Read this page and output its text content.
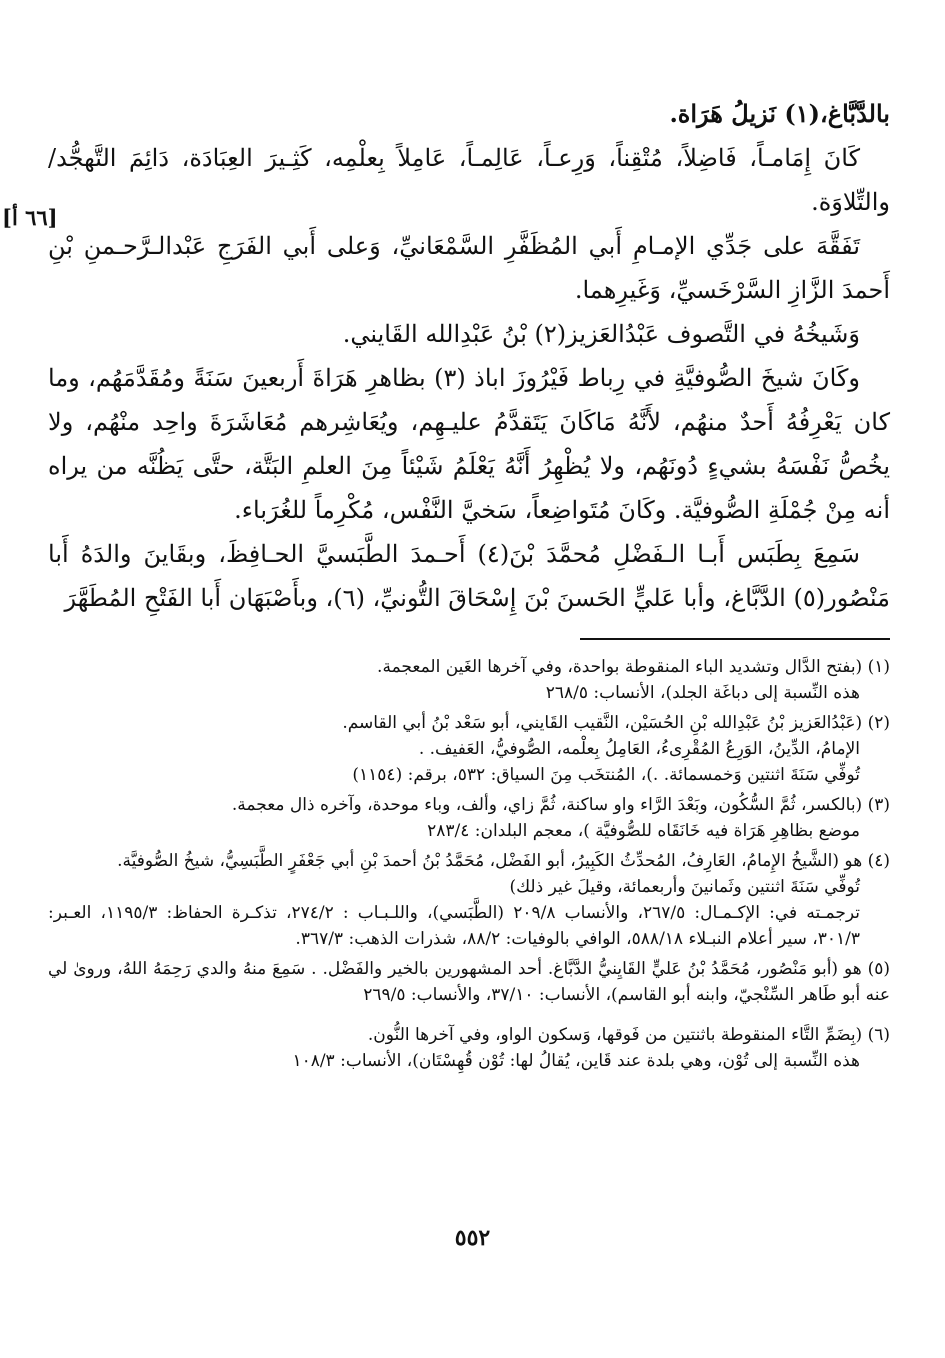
[٦٦ أ]

بالدَّبَّاغ،(١) نَزيلُ هَرَاة.

كَانَ إِمَامـاً، فَاضِلاً، مُتْقِناً، وَرِعـاً، عَالِمـاً، عَامِلاً بِعلْمِه، كَثِـيرَ العِبَادَة، دَائِمَ التَّهجُّد/ والتِّلاوَة.

تَفَقَّهَ على جَدِّي الإمـامِ أَبي المُظَفَّرِ السَّمْعَانيِّ، وَعلى أَبي الفَرَجِ عَبْدالـرَّحـمنِ بْنِ أَحمدَ الزَّازِ السَّرْخَسيِّ، وَغَيرِهما.

وَشَيخُهُ في التَّصوف عَبْدُالعَزيز(٢) بْنُ عَبْدِالله القَايني.

وكَانَ شيخَ الصُّوفيَّةِ في رِباط فَيْرُوزَ اباذ (٣) بظاهرِ هَرَاةَ أَربعينَ سَنَةً ومُقَدَّمَهُم، وما كان يَعْرِفُهُ أَحدٌ منهُم، لأَنَّهُ مَاكَانَ يَتَقدَّمُ عليـهِم، ويُعَاشِرهم مُعَاشَرَةَ واحِد منْهُم، ولا يخُصُّ نَفْسَهُ بشيءٍ دُونَهُم، ولا يُظْهِرُ أَنَّهُ يَعْلَمُ شَيْئاً مِنَ العلمِ البَتَّة، حتَّى يَظُنَّه من يراه أنه مِنْ جُمْلَةِ الصُّوفيَّة. وكَانَ مُتَواضِعاً، سَخيَّ النَّفْس، مُكْرِماً للغُرَباء.

سَمِعَ بِطَبَس أَبـا الـفَضْلِ مُحمَّدَ بْنَ(٤) أَحـمدَ الطَّبَسيَّ الحـافِظَ، وبقَاينَ والدَهُ أَبا مَنْصُور(٥) الدَّبَّاغ، وأبا عَليٍّ الحَسنَ بْنَ إِسْحَاقَ التُّونيِّ، (٦)، وبأَصْبَهَان أَبا الفَتْحِ المُطَهَّرَ

(١) (بفتح الدَّال وتشديد الباء المنقوطة بواحدة، وفي آخرها الغَين المعجمة.

هذه النِّسبة إلى دباغَة الجلد)، الأنساب: ٢٦٨/٥

(٢) (عَبْدُالعَزيز بْنُ عَبْدِالله بْنِ الحُسَيْن، النَّقيب القَايني، أبو سَعْد بْنُ أبي القاسم.

الإمامُ، الدِّينُ، الوَرِعُ المُقْرِىءُ، العَامِلُ بِعلْمه، الصُّوفيُّ، العَفيف. .

تُوفِّي سَنَةَ اثنتين وَخمسمائة. .)، المُنتخَب مِنَ السياق: ٥٣٢، برقم: (١١٥٤)

(٣) (بالكسر، ثُمَّ السُّكُون، وبَعْدَ الرَّاء واو ساكنة، ثُمَّ زاي، وألف، وباء موحدة، وآخره ذال معجمة.

موضع بظاهِرِ هَرَاة فيه خَانَقَاه للصُّوفيَّة )، معجم البلدان: ٢٨٣/٤

(٤) هو (الشَّيخُ الإِمامُ، العَارِفُ، المُحدِّثُ الكَبِيرُ، أبو الفَضْل، مُحَمَّدُ بْنُ أحمدَ بْنِ أبي جَعْفَرٍ الطَّبَسِيُّ، شيخُ الصُّوفيَّة.

تُوفِّي سَنَةَ اثنتين وثَمانينَ وأربعمائة، وقيلَ غير ذلك)

ترجمـته في: الإكـمـال: ٢٦٧/٥، والأنساب ٢٠٩/٨ (الطَّبَسي)، واللـبـاب : ٢٧٤/٢، تذكـرة الحفاظ: ١١٩٥/٣، العـبر: ٣٠١/٣، سير أعلام النبـلاء ٥٨٨/١٨، الوافي بالوفيات: ٨٨/٢، شذرات الذهب: ٣٦٧/٣.

(٥) هو (أبو مَنْصُور، مُحَمَّدُ بْنُ عَليٍّ القَايِنيُّ الدَّبَّاغ. أحد المشهورين بالخير والفَضْل. . سَمِعَ منهُ والدي رَحِمَهُ اللهُ، وروىٰ لي عنه أبو طَاهر السِّنْجيّ، وابنه أبو القاسم)، الأنساب: ٣٧/١٠، والأنساب: ٢٦٩/٥

(٦) (بِضَمِّ التَّاء المنقوطة باثنتين من فَوقها، وَسكون الواو، وفي آخرها النُّون.

هذه النِّسبة إلى تُوْن، وهي بلدة عند قَاين، يُقالُ لها: تُوْن قُهِسْتَان)، الأنساب: ١٠٨/٣

٥٥٢
